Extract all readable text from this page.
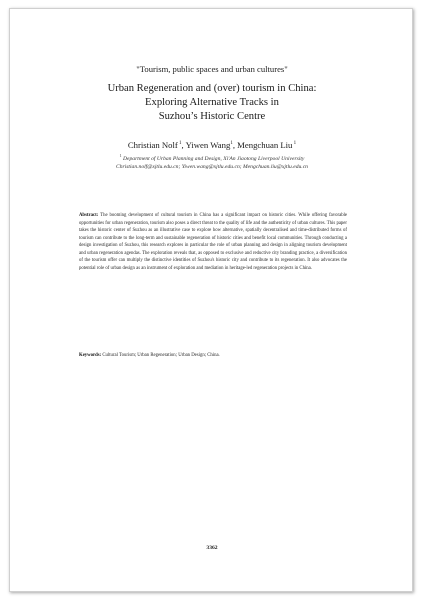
"Tourism, public spaces and urban cultures"
Urban Regeneration and (over) tourism in China:
Exploring Alternative Tracks in
Suzhou’s Historic Centre
Christian Nolf $^1$, Yiwen Wang$^1$, Mengchuan Liu $^1$
$^1$ Department of Urban Planning and Design, Xi'An Jiaotong Liverpool University
Christian.nolf@xjtlu.edu.cn; Yiwen.wang@xjtlu.edu.cn; Mengchuan.liu@xjtlu.edu.cn
Abstract: The booming development of cultural tourism in China has a significant impact on historic cities. While offering favorable opportunities for urban regeneration, tourism also poses a direct threat to the quality of life and the authenticity of urban cultures. This paper takes the historic center of Suzhou as an illustrative case to explore how alternative, spatially decentralised and time-distributed forms of tourism can contribute to the long-term and sustainable regeneration of historic cities and benefit local communities. Through conducting a design investigation of Suzhou, this research explores in particular the role of urban planning and design in aligning tourism development and urban regeneration agendas. The exploration reveals that, as opposed to exclusive and reductive city branding practice, a diversification of the tourism offer can multiply the distinctive identities of Suzhou's historic city and contribute to its regeneration. It also advocates the potential role of urban design as an instrument of exploration and mediation in heritage-led regeneration projects in China.
Keywords: Cultural Tourism; Urban Regeneration; Urban Design; China.
3362
